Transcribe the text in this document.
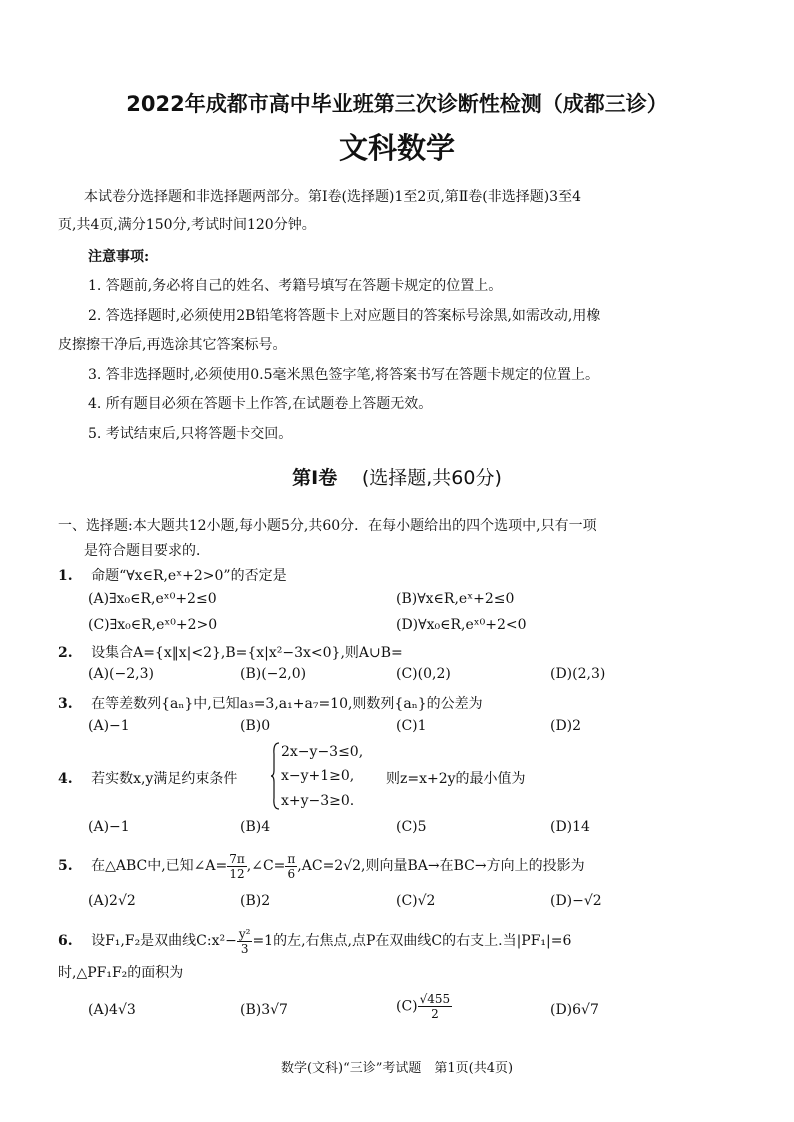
2022年成都市高中毕业班第三次诊断性检测（成都三诊）
文科数学
本试卷分选择题和非选择题两部分。第Ⅰ卷(选择题)1至2页,第Ⅱ卷(非选择题)3至4
页,共4页,满分150分,考试时间120分钟。
注意事项:
1. 答题前,务必将自己的姓名、考籍号填写在答题卡规定的位置上。
2. 答选择题时,必须使用2B铅笔将答题卡上对应题目的答案标号涂黑,如需改动,用橡
皮擦擦干净后,再选涂其它答案标号。
3. 答非选择题时,必须使用0.5毫米黑色签字笔,将答案书写在答题卡规定的位置上。
4. 所有题目必须在答题卡上作答,在试题卷上答题无效。
5. 考试结束后,只将答题卡交回。
第Ⅰ卷 (选择题,共60分)
一、选择题:本大题共12小题,每小题5分,共60分．在每小题给出的四个选项中,只有一项
是符合题目要求的．
1. 命题“∀x∈R,eˣ+2>0”的否定是
(A)∃x₀∈R,eˣ⁰+2≤0	(B)∀x∈R,eˣ+2≤0
(C)∃x₀∈R,eˣ⁰+2>0	(D)∀x₀∈R,eˣ⁰+2<0
2. 设集合A={x‖x|<2},B={x|x²−3x<0},则A∪B=
(A)(−2,3)	(B)(−2,0)	(C)(0,2)	(D)(2,3)
3. 在等差数列{aₙ}中,已知a₃=3,a₁+a₇=10,则数列{aₙ}的公差为
(A)−1	(B)0	(C)1	(D)2
4. 若实数x,y满足约束条件
2x−y−3≤0,
x−y+1≥0,
x+y−3≥0.
则z=x+2y的最小值为
(A)−1	(B)4	(C)5	(D)14
5. 在△ABC中,已知∠A= $\frac{7\pi}{12}$ ,∠C= $\frac{\pi}{6} ,AC=2√2$,则向量BA→在BC→方向上的投影为
(A)2√2	(B)2	(C)√2	(D)−√2
6. 设F₁,F₂是双曲线C:x²− $\frac{\text{y²}}{3} =1$的左,右焦点,点P在双曲线C的右支上.当|PF₁|=6
时,△PF₁F₂的面积为
(A)4√3	(B)3√7	$(C) \frac{√455}{2}$	(D)6√7
数学(文科)“三诊”考试题　第1页(共4页)
